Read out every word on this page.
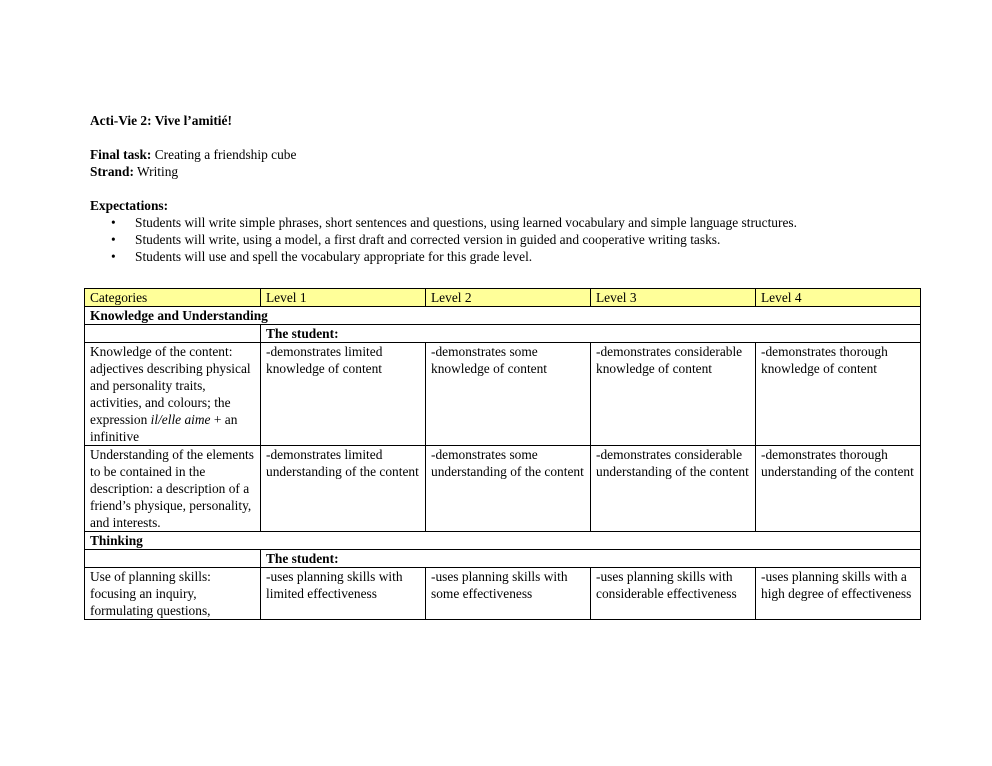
Acti-Vie 2: Vive l’amitié!

Final task: Creating a friendship cube

Strand: Writing

Expectations:

• Students will write simple phrases, short sentences and questions, using learned vocabulary and simple language structures.
• Students will write, using a model, a first draft and corrected version in guided and cooperative writing tasks.
• Students will use and spell the vocabulary appropriate for this grade level.
Categories	Level 1	Level 2	Level 3	Level 4
Knowledge and Understanding				
	The student:			
Knowledge of the content: adjectives describing physical and personality traits, activities, and colours; the expression il/elle aime + an infinitive	-demonstrates limited knowledge of content	-demonstrates some knowledge of content	-demonstrates considerable knowledge of content	-demonstrates thorough knowledge of content
Understanding of the elements to be contained in the description: a description of a friend’s physique, personality, and interests.	-demonstrates limited understanding of the content	-demonstrates some understanding of the content	-demonstrates considerable understanding of the content	-demonstrates thorough understanding of the content
Thinking				
	The student:			
Use of planning skills: focusing an inquiry, formulating questions,	-uses planning skills with limited effectiveness	-uses planning skills with some effectiveness	-uses planning skills with considerable effectiveness	-uses planning skills with a high degree of effectiveness
